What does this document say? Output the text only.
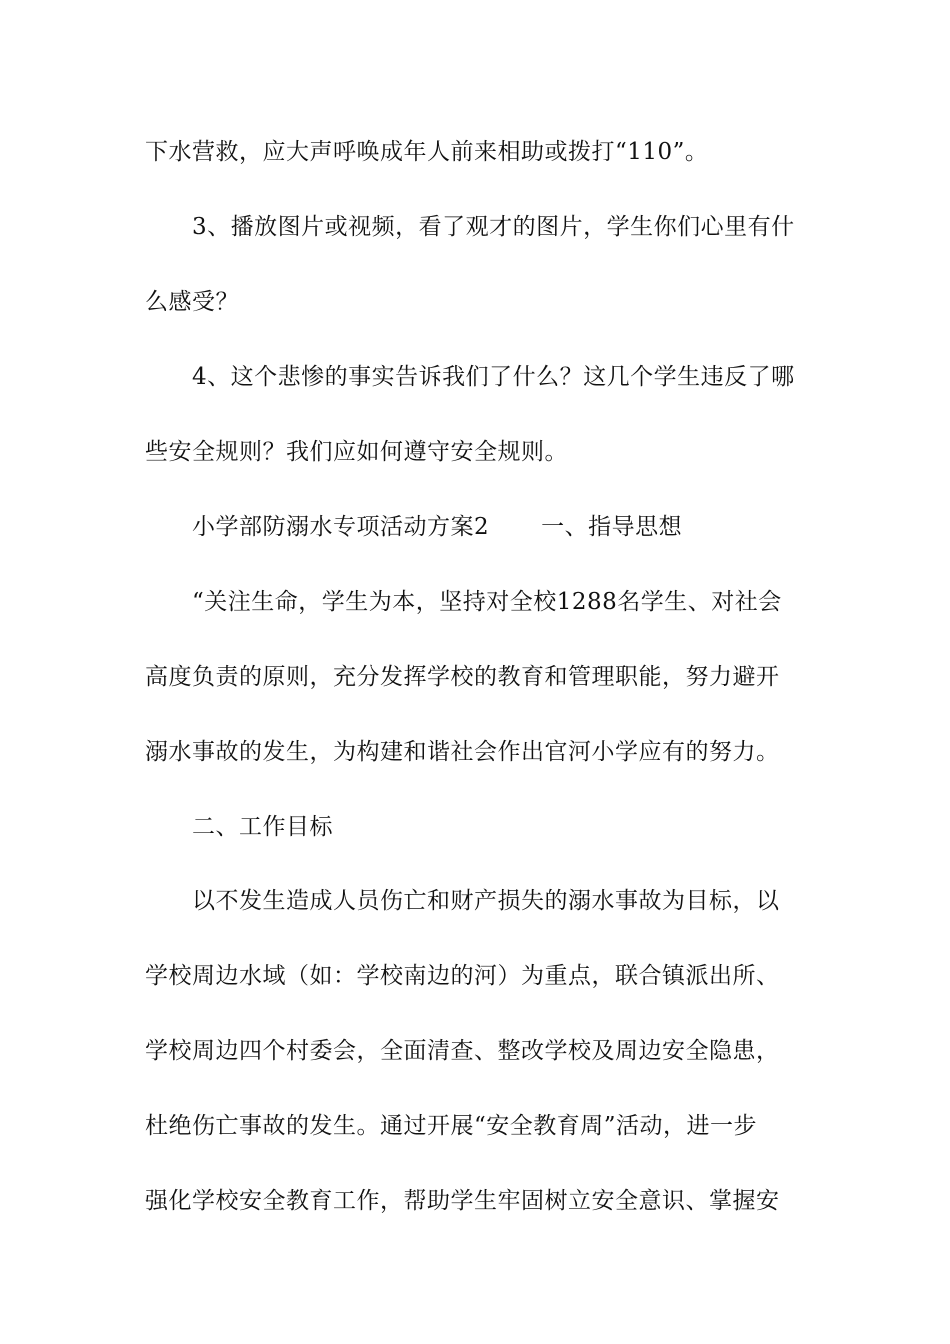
下水营救，应大声呼唤成年人前来相助或拨打“110”。
3、播放图片或视频，看了观才的图片，学生你们心里有什
么感受？
4、这个悲惨的事实告诉我们了什么？这几个学生违反了哪
些安全规则？我们应如何遵守安全规则。
小学部防溺水专项活动方案2 一、指导思想
“关注生命，学生为本，坚持对全校1288名学生、对社会
高度负责的原则，充分发挥学校的教育和管理职能，努力避开
溺水事故的发生，为构建和谐社会作出官河小学应有的努力。
二、工作目标
以不发生造成人员伤亡和财产损失的溺水事故为目标，以
学校周边水域（如：学校南边的河）为重点，联合镇派出所、
学校周边四个村委会，全面清查、整改学校及周边安全隐患，
杜绝伤亡事故的发生。通过开展“安全教育周”活动，进一步
强化学校安全教育工作，帮助学生牢固树立安全意识、掌握安
